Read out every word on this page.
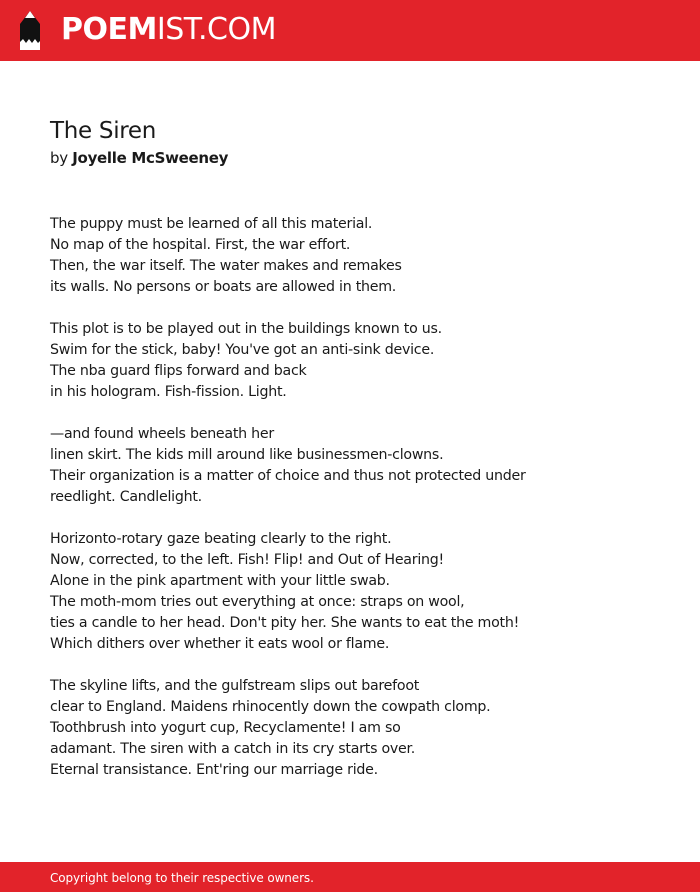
POEMIST.COM
The Siren
by Joyelle McSweeney
The puppy must be learned of all this material.
No map of the hospital. First, the war effort.
Then, the war itself. The water makes and remakes
its walls. No persons or boats are allowed in them.
This plot is to be played out in the buildings known to us.
Swim for the stick, baby! You've got an anti-sink device.
The nba guard flips forward and back
in his hologram. Fish-fission. Light.
—and found wheels beneath her
linen skirt. The kids mill around like businessmen-clowns.
Their organization is a matter of choice and thus not protected under
reedlight. Candlelight.
Horizonto-rotary gaze beating clearly to the right.
Now, corrected, to the left. Fish! Flip! and Out of Hearing!
Alone in the pink apartment with your little swab.
The moth-mom tries out everything at once: straps on wool,
ties a candle to her head. Don't pity her. She wants to eat the moth!
Which dithers over whether it eats wool or flame.
The skyline lifts, and the gulfstream slips out barefoot
clear to England. Maidens rhinocently down the cowpath clomp.
Toothbrush into yogurt cup, Recyclamente! I am so
adamant. The siren with a catch in its cry starts over.
Eternal transistance. Ent'ring our marriage ride.
Copyright belong to their respective owners.
